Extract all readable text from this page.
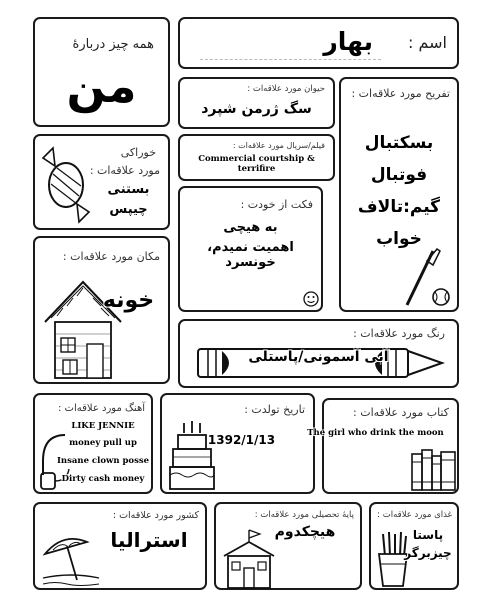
همه چیز دربارهٔ
من
اسم :
بهار
حیوان مورد علاقه‌ات :
سگ ژرمن شپرد
تفریح مورد علاقه‌ات :
بسکتبال
فوتبال
گیم:تالاف
خواب
خوراکی
مورد علاقه‌ات :
بستنی
چیپس
فیلم/سریال مورد علاقه‌ات :
Commercial courtship & terrifire
فکت از خودت :
به هیچی
اهمیت نمیدم، خونسرد
مکان مورد علاقه‌ات :
خونه
رنگ مورد علاقه‌ات :
آبی آسمونی/پاستلی
آهنگ مورد علاقه‌ات :
LIKE JENNIE
money pull up
Insane clown posse
Dirty cash money
تاریخ تولدت :
1392/1/13
کتاب مورد علاقه‌ات :
The girl who drink the moon
کشور مورد علاقه‌ات :
استرالیا
پایهٔ تحصیلی مورد علاقه‌ات :
هیچکدوم
غذای مورد علاقه‌ات :
پاستا
چیزبرگر
